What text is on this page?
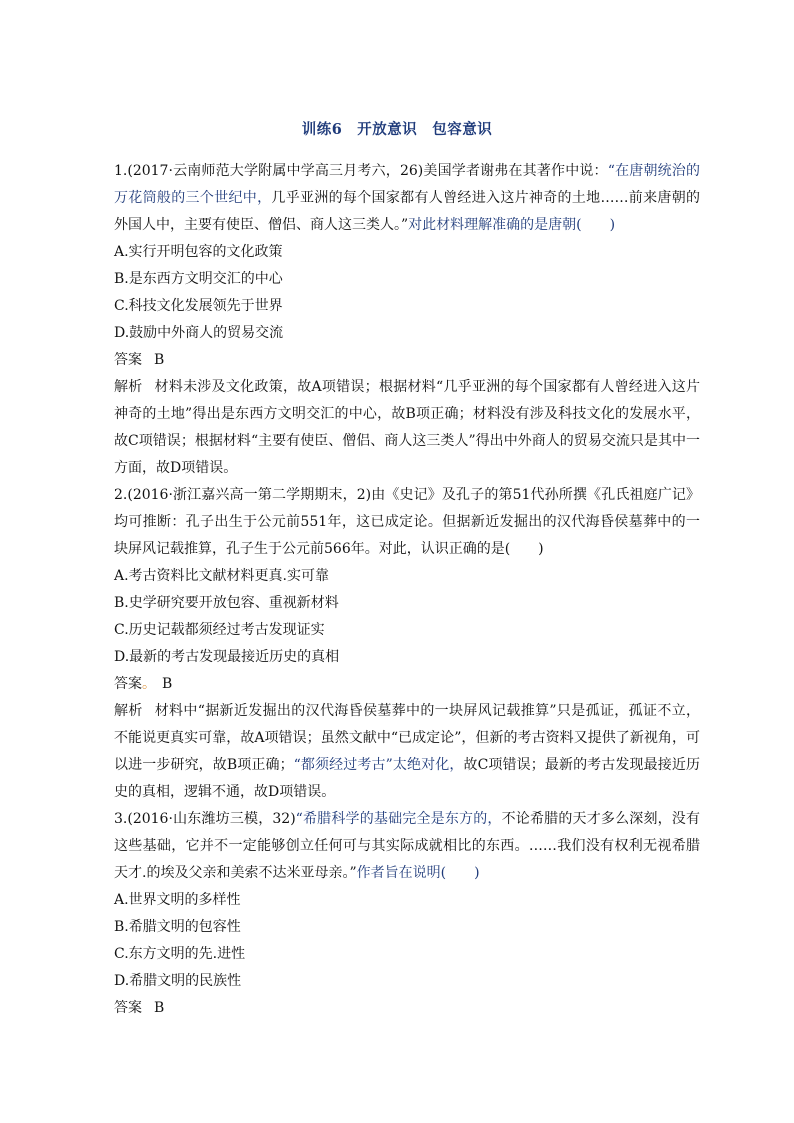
训练6　开放意识　包容意识

1.(2017·云南师范大学附属中学高三月考六，26)美国学者谢弗在其著作中说：“在唐朝统治的万花筒般的三个世纪中，几乎亚洲的每个国家都有人曾经进入这片神奇的土地……前来唐朝的外国人中，主要有使臣、僧侣、商人这三类人。”对此材料理解准确的是唐朝(　　)

A.实行开明包容的文化政策

B.是东西方文明交汇的中心

C.科技文化发展领先于世界

D.鼓励中外商人的贸易交流

答案 B

解析 材料未涉及文化政策，故A项错误；根据材料“几乎亚洲的每个国家都有人曾经进入这片神奇的土地”得出是东西方文明交汇的中心，故B项正确；材料没有涉及科技文化的发展水平，故C项错误；根据材料“主要有使臣、僧侣、商人这三类人”得出中外商人的贸易交流只是其中一方面，故D项错误。

2.(2016·浙江嘉兴高一第二学期期末，2)由《史记》及孔子的第51代孙所撰《孔氏祖庭广记》均可推断：孔子出生于公元前551年，这已成定论。但据新近发掘出的汉代海昏侯墓葬中的一块屏风记载推算，孔子生于公元前566年。对此，认识正确的是(　　)

A.考古资料比文献材料更真.实可靠

B.史学研究要开放包容、重视新材料

C.历史记载都须经过考古发现证实

D.最新的考古发现最接近历史的真相

答案。 B

解析 材料中“据新近发掘出的汉代海昏侯墓葬中的一块屏风记载推算”只是孤证，孤证不立，不能说更真实可靠，故A项错误；虽然文献中“已成定论”，但新的考古资料又提供了新视角，可以进一步研究，故B项正确；“都须经过考古”太绝对化，故C项错误；最新的考古发现最接近历史的真相，逻辑不通，故D项错误。

3.(2016·山东潍坊三模，32)“希腊科学的基础完全是东方的，不论希腊的天才多么深刻，没有这些基础，它并不一定能够创立任何可与其实际成就相比的东西。……我们没有权利无视希腊天才.的埃及父亲和美索不达米亚母亲。”作者旨在说明(　　)

A.世界文明的多样性

B.希腊文明的包容性

C.东方文明的先.进性

D.希腊文明的民族性

答案 B
